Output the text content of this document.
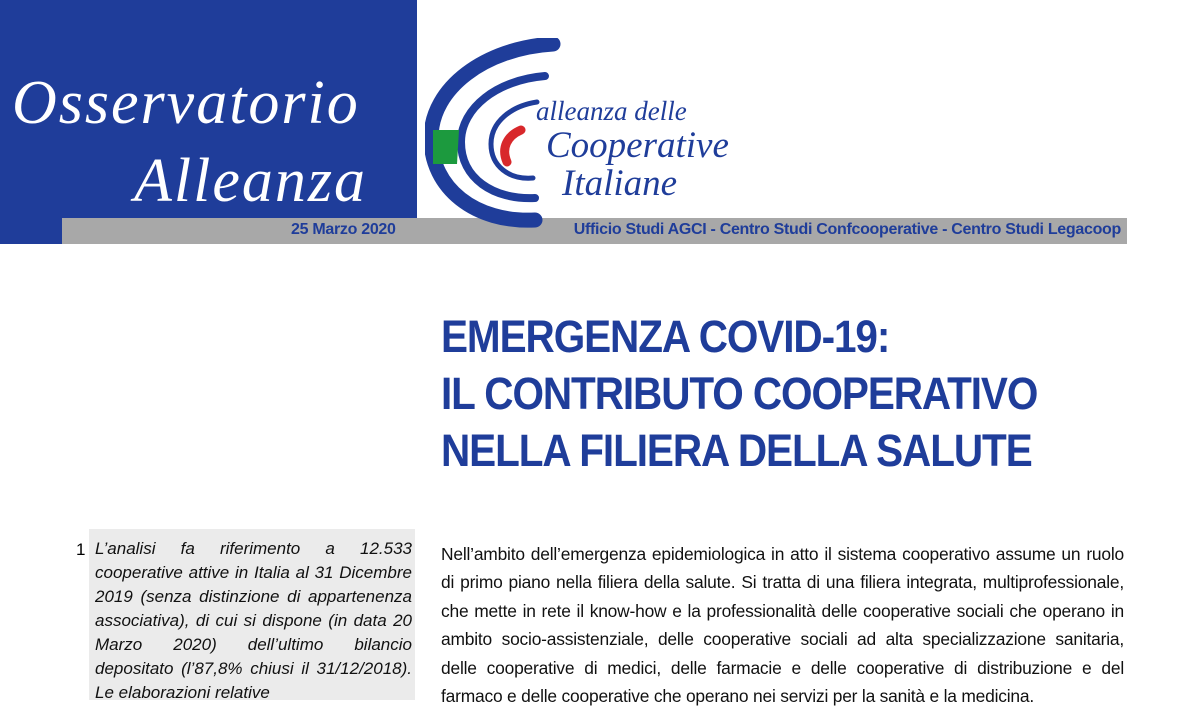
Osservatorio
Alleanza
25 Marzo 2020	Ufficio Studi AGCI - Centro Studi Confcooperative - Centro Studi Legacoop
alleanza delle
Cooperative
Italiane
EMERGENZA COVID-19:
IL CONTRIBUTO COOPERATIVO
NELLA FILIERA DELLA SALUTE
1 L’analisi fa riferimento a 12.533 cooperative attive in Italia al 31 Dicembre 2019 (senza distinzione di appartenenza associativa), di cui si dispone (in data 20 Marzo 2020) dell’ultimo bilancio depositato (l’87,8% chiusi il 31/12/2018). Le elaborazioni relative
Nell’ambito dell’emergenza epidemiologica in atto il sistema cooperativo assume un ruolo di primo piano nella filiera della salute. Si tratta di una filiera integrata, multiprofessionale, che mette in rete il know-how e la professionalità delle cooperative sociali che operano in ambito socio-assistenziale, delle cooperative sociali ad alta specializzazione sanitaria, delle cooperative di medici, delle farmacie e delle cooperative di distribuzione e del farmaco e delle cooperative che operano nei servizi per la sanità e la medicina.
